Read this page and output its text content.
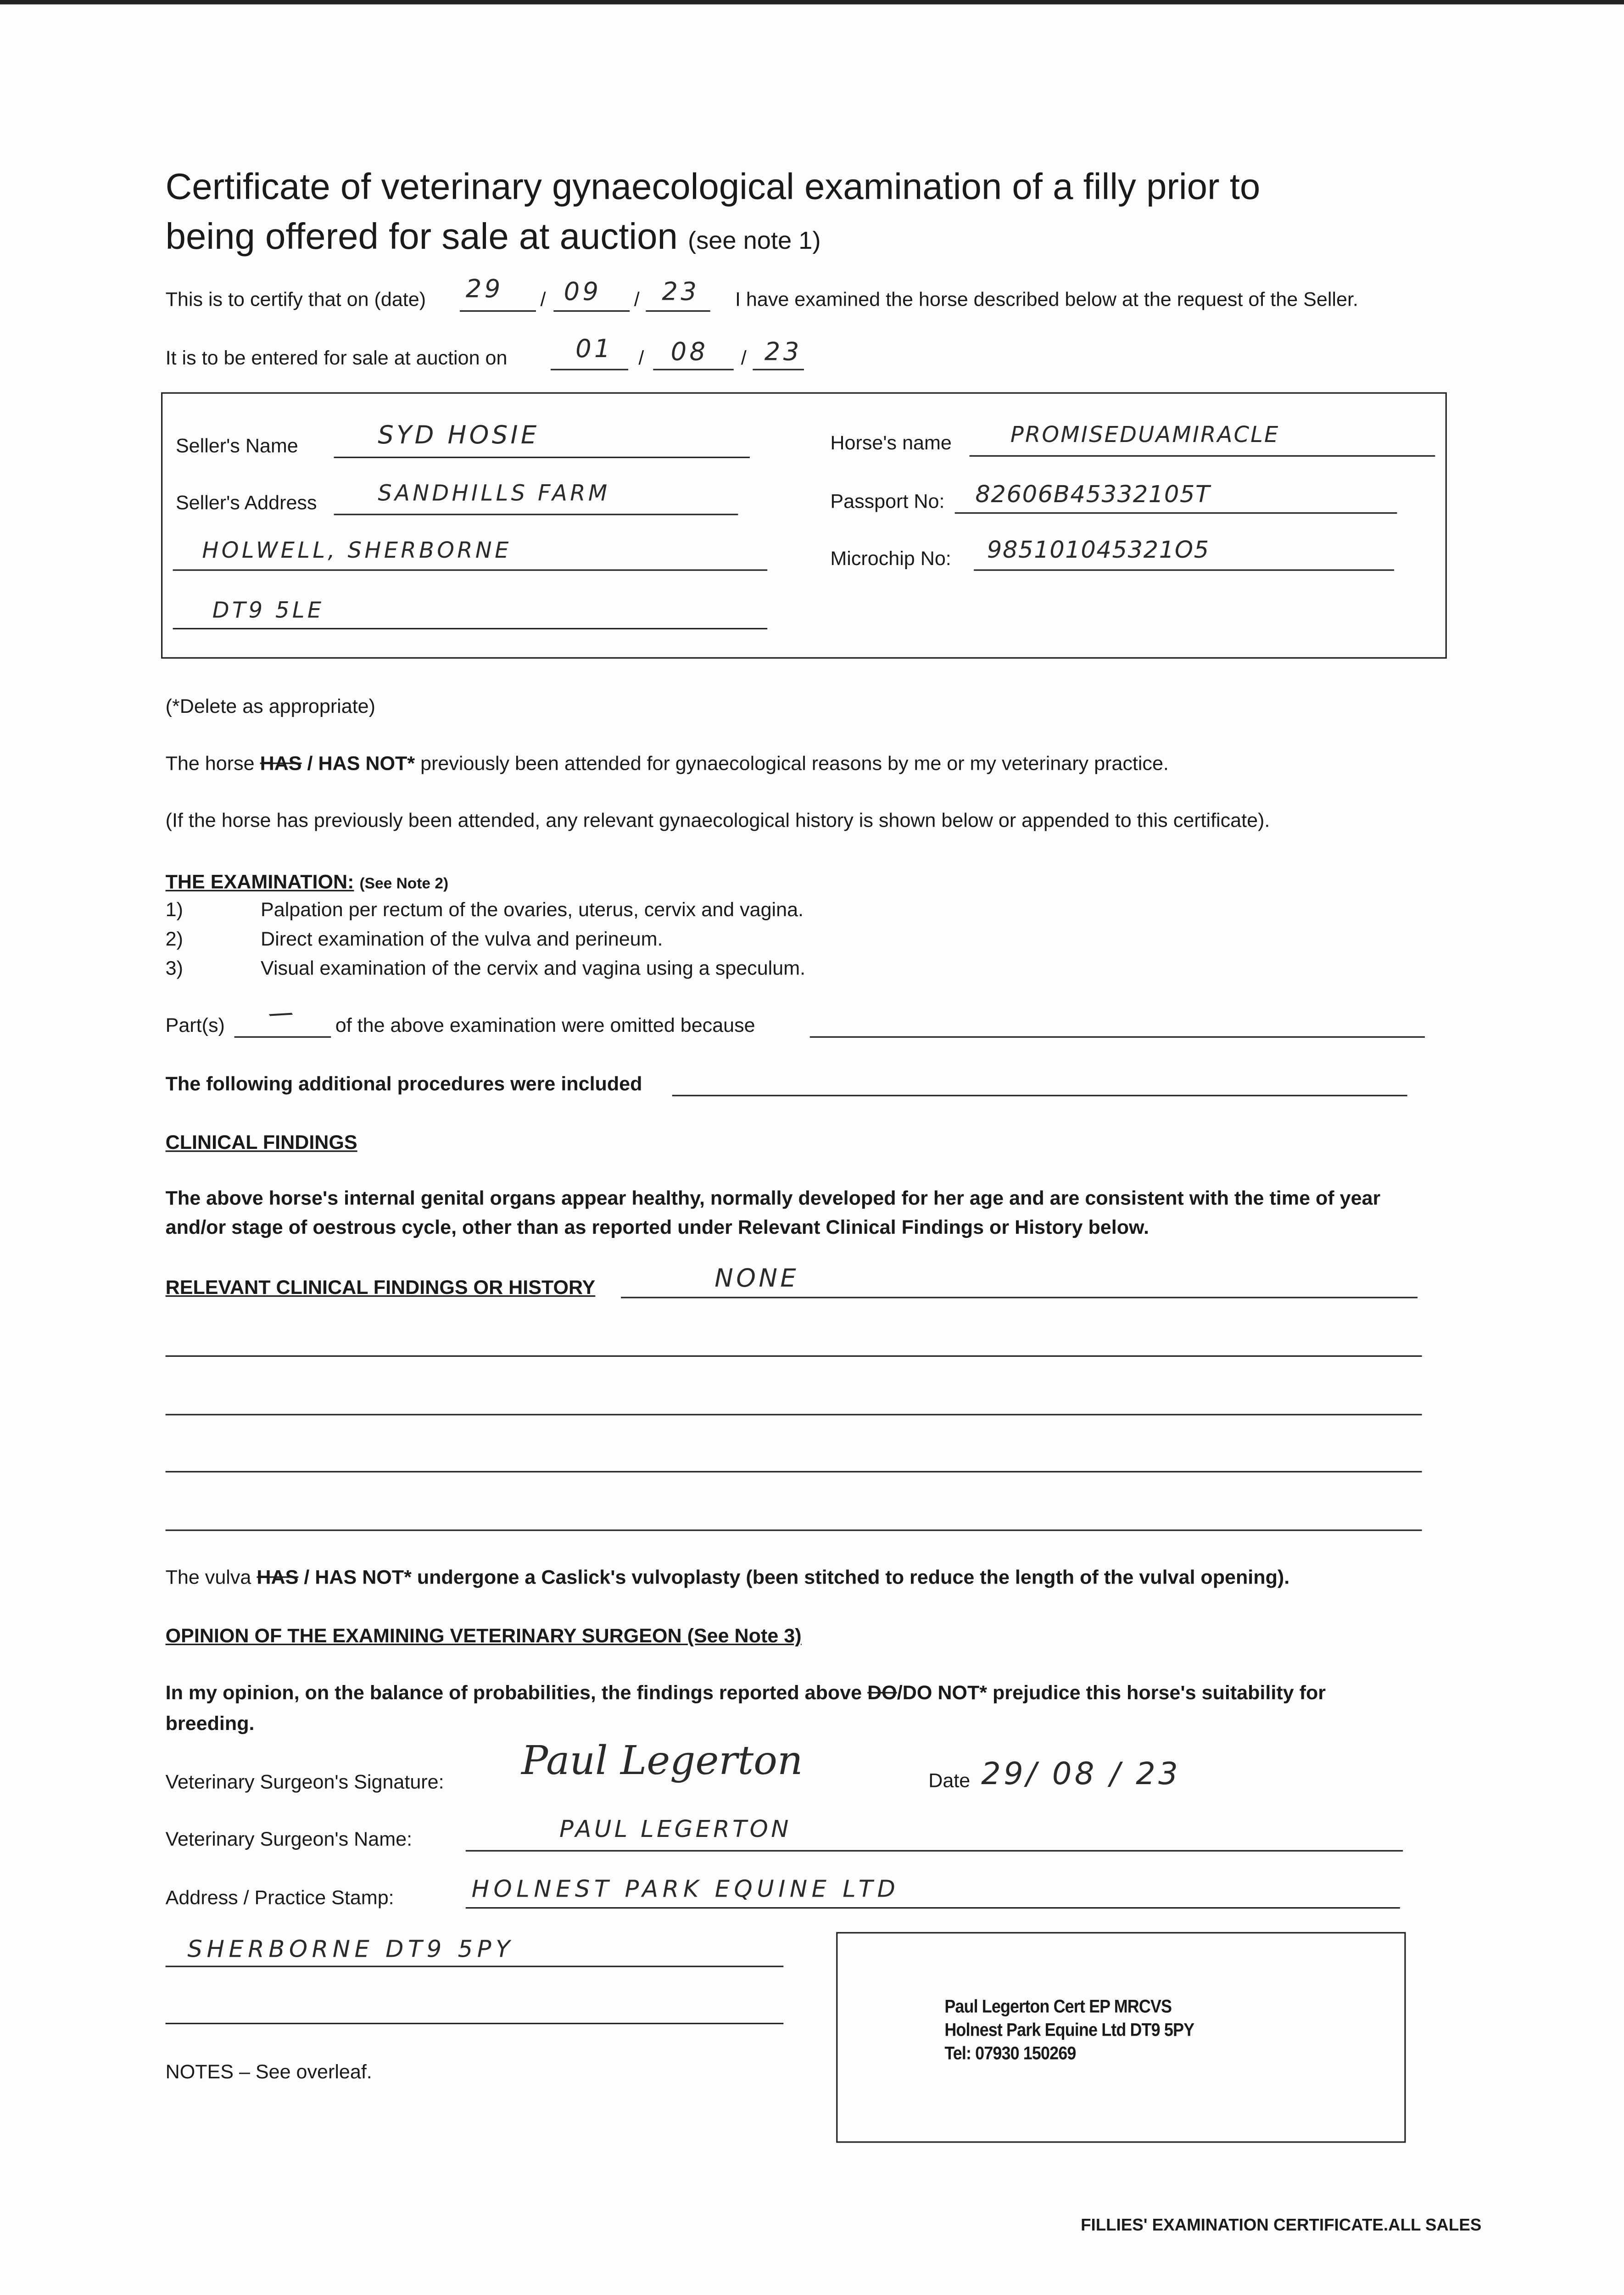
Certificate of veterinary gynaecological examination of a filly prior to
being offered for sale at auction (see note 1)
This is to certify that on (date)	/	/
29	09	23	I have examined the horse described below at the request of the Seller.
It is to be entered for sale at auction on	/	/
01	08	23
Seller's Name	SYD HOSIE
Seller's Address	SANDHILLS FARM
HOLWELL, SHERBORNE
DT9 5LE
Horse's name	PROMISEDUAMIRACLE
Passport No:	82606B45332105T
Microchip No:	985101045321O5
(*Delete as appropriate)
The horse HAS / HAS NOT* previously been attended for gynaecological reasons by me or my veterinary practice.
(If the horse has previously been attended, any relevant gynaecological history is shown below or appended to this certificate).
THE EXAMINATION: (See Note 2)
1)	Palpation per rectum of the ovaries, uterus, cervix and vagina.
2)	Direct examination of the vulva and perineum.
3)	Visual examination of the cervix and vagina using a speculum.
Part(s)	/	of the above examination were omitted because
The following additional procedures were included
CLINICAL FINDINGS
The above horse's internal genital organs appear healthy, normally developed for her age and are consistent with the time of year
and/or stage of oestrous cycle, other than as reported under Relevant Clinical Findings or History below.
RELEVANT CLINICAL FINDINGS OR HISTORY	NONE
The vulva HAS / HAS NOT* undergone a Caslick's vulvoplasty (been stitched to reduce the length of the vulval opening).
OPINION OF THE EXAMINING VETERINARY SURGEON (See Note 3)
In my opinion, on the balance of probabilities, the findings reported above DO/DO NOT* prejudice this horse's suitability for
breeding.
Veterinary Surgeon's Signature:	Paul Legerton	Date 29/ 08 / 23
Veterinary Surgeon's Name:	PAUL LEGERTON
Address / Practice Stamp:	HOLNEST PARK EQUINE LTD
SHERBORNE DT9 5PY
Paul Legerton Cert EP MRCVS
Holnest Park Equine Ltd DT9 5PY
Tel: 07930 150269
NOTES – See overleaf.
FILLIES' EXAMINATION CERTIFICATE.ALL SALES
